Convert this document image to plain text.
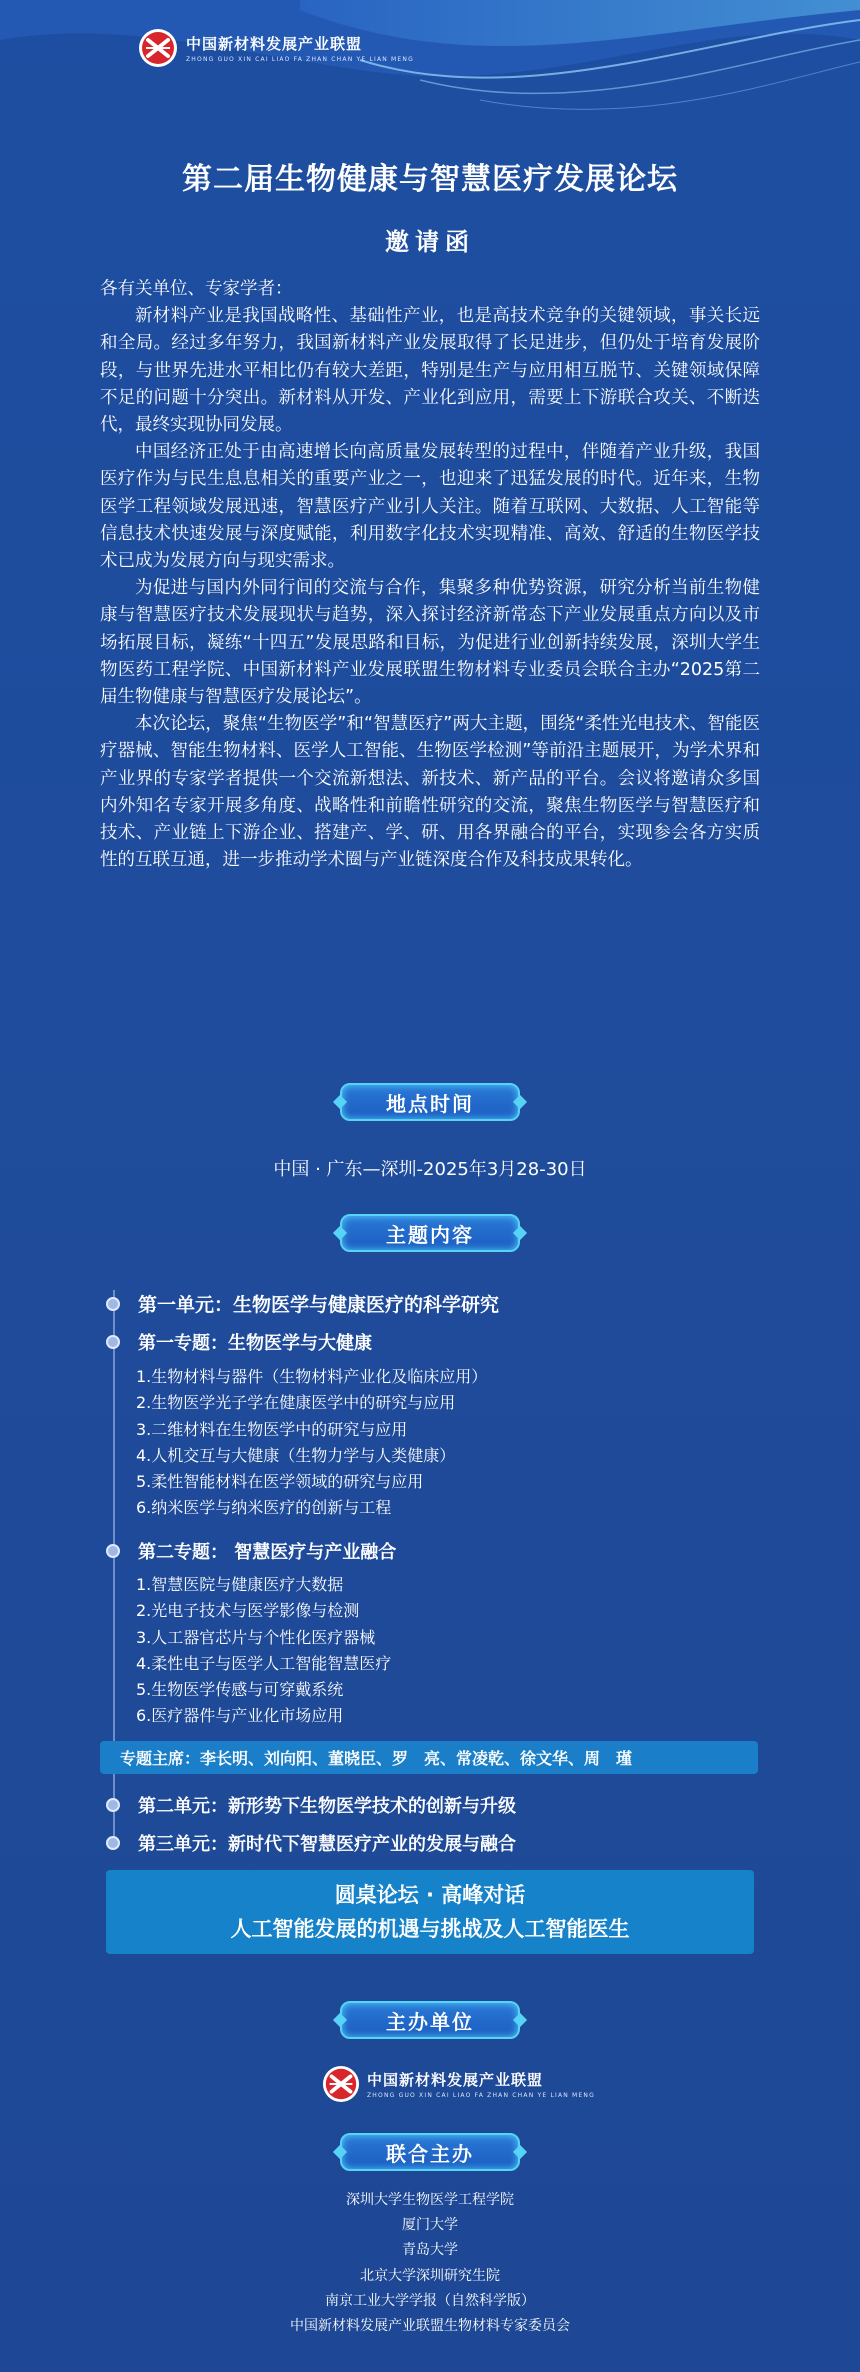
中国新材料发展产业联盟
ZHONG GUO XIN CAI LIAO FA ZHAN CHAN YE LIAN MENG
第二届生物健康与智慧医疗发展论坛
邀请函

各有关单位、专家学者：

新材料产业是我国战略性、基础性产业，也是高技术竞争的关键领域，事关长远和全局。经过多年努力，我国新材料产业发展取得了长足进步，但仍处于培育发展阶段，与世界先进水平相比仍有较大差距，特别是生产与应用相互脱节、关键领域保障不足的问题十分突出。新材料从开发、产业化到应用，需要上下游联合攻关、不断迭代，最终实现协同发展。

中国经济正处于由高速增长向高质量发展转型的过程中，伴随着产业升级，我国医疗作为与民生息息相关的重要产业之一，也迎来了迅猛发展的时代。近年来，生物医学工程领域发展迅速，智慧医疗产业引人关注。随着互联网、大数据、人工智能等信息技术快速发展与深度赋能，利用数字化技术实现精准、高效、舒适的生物医学技术已成为发展方向与现实需求。

为促进与国内外同行间的交流与合作，集聚多种优势资源，研究分析当前生物健康与智慧医疗技术发展现状与趋势，深入探讨经济新常态下产业发展重点方向以及市场拓展目标，凝练“十四五”发展思路和目标，为促进行业创新持续发展，深圳大学生物医药工程学院、中国新材料产业发展联盟生物材料专业委员会联合主办“2025第二届生物健康与智慧医疗发展论坛”。

本次论坛，聚焦“生物医学”和“智慧医疗”两大主题，围绕“柔性光电技术、智能医疗器械、智能生物材料、医学人工智能、生物医学检测”等前沿主题展开，为学术界和产业界的专家学者提供一个交流新想法、新技术、新产品的平台。会议将邀请众多国内外知名专家开展多角度、战略性和前瞻性研究的交流，聚焦生物医学与智慧医疗和技术、产业链上下游企业、搭建产、学、研、用各界融合的平台，实现参会各方实质性的互联互通，进一步推动学术圈与产业链深度合作及科技成果转化。

地点时间
中国 · 广东—深圳-2025年3月28-30日
主题内容
第一单元：生物医学与健康医疗的科学研究
第一专题：生物医学与大健康
1.生物材料与器件（生物材料产业化及临床应用）
2.生物医学光子学在健康医学中的研究与应用
3.二维材料在生物医学中的研究与应用
4.人机交互与大健康（生物力学与人类健康）
5.柔性智能材料在医学领域的研究与应用
6.纳米医学与纳米医疗的创新与工程
第二专题： 智慧医疗与产业融合
1.智慧医院与健康医疗大数据
2.光电子技术与医学影像与检测
3.人工器官芯片与个性化医疗器械
4.柔性电子与医学人工智能智慧医疗
5.生物医学传感与可穿戴系统
6.医疗器件与产业化市场应用
专题主席：李长明、刘向阳、董晓臣、罗　亮、常凌乾、徐文华、周　瑾
第二单元：新形势下生物医学技术的创新与升级
第三单元：新时代下智慧医疗产业的发展与融合
圆桌论坛 · 高峰对话
人工智能发展的机遇与挑战及人工智能医生
主办单位
中国新材料发展产业联盟
ZHONG GUO XIN CAI LIAO FA ZHAN CHAN YE LIAN MENG
联合主办
深圳大学生物医学工程学院
厦门大学
青岛大学
北京大学深圳研究生院
南京工业大学学报（自然科学版）
中国新材料发展产业联盟生物材料专家委员会
